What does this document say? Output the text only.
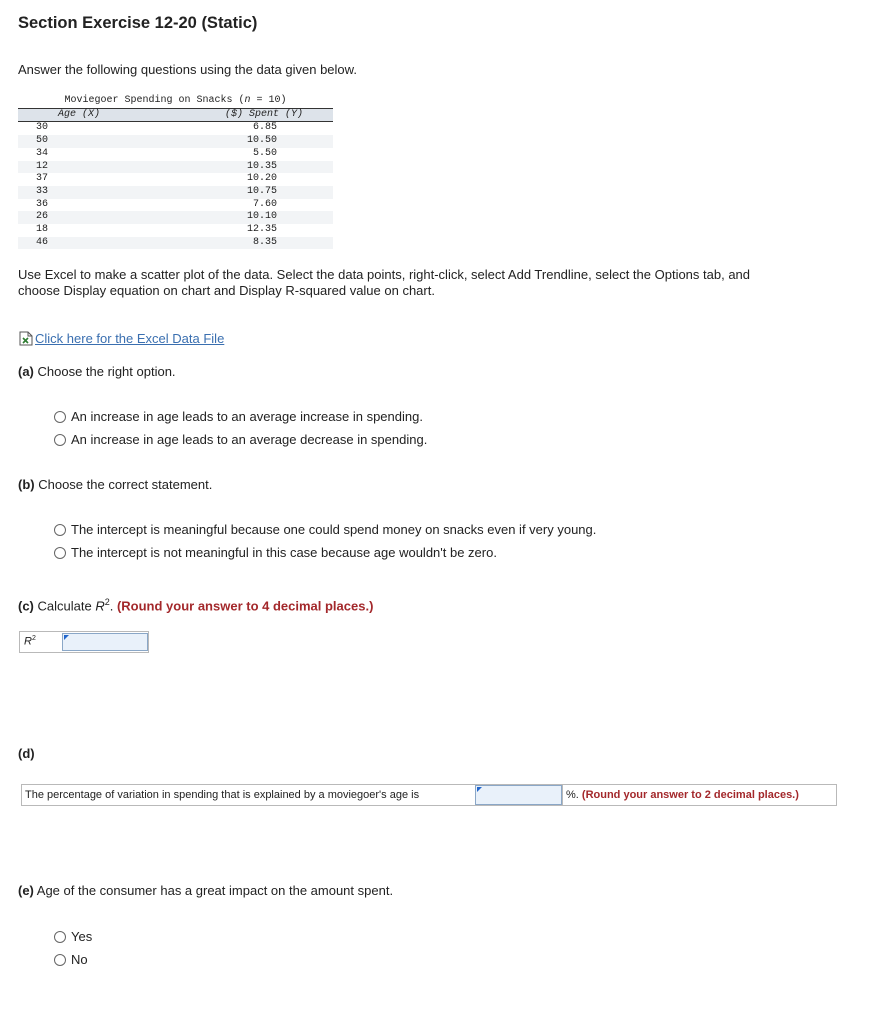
Section Exercise 12-20 (Static)
Answer the following questions using the data given below.
Moviegoer Spending on Snacks (n = 10)	
Age (X)	($) Spent (Y)
30	6.85
50	10.50
34	5.50
12	10.35
37	10.20
33	10.75
36	7.60
26	10.10
18	12.35
46	8.35
Use Excel to make a scatter plot of the data. Select the data points, right-click, select Add Trendline, select the Options tab, and
choose Display equation on chart and Display R-squared value on chart.
Click here for the Excel Data File
(a) Choose the right option.
An increase in age leads to an average increase in spending.
An increase in age leads to an average decrease in spending.
(b) Choose the correct statement.
The intercept is meaningful because one could spend money on snacks even if very young.
The intercept is not meaningful in this case because age wouldn't be zero.
(c) Calculate $R^2$. (Round your answer to 4 decimal places.)
$R^2$
(d)
The percentage of variation in spending that is explained by a moviegoer's age is	%. (Round your answer to 2 decimal places.)
(e) Age of the consumer has a great impact on the amount spent.
Yes
No
